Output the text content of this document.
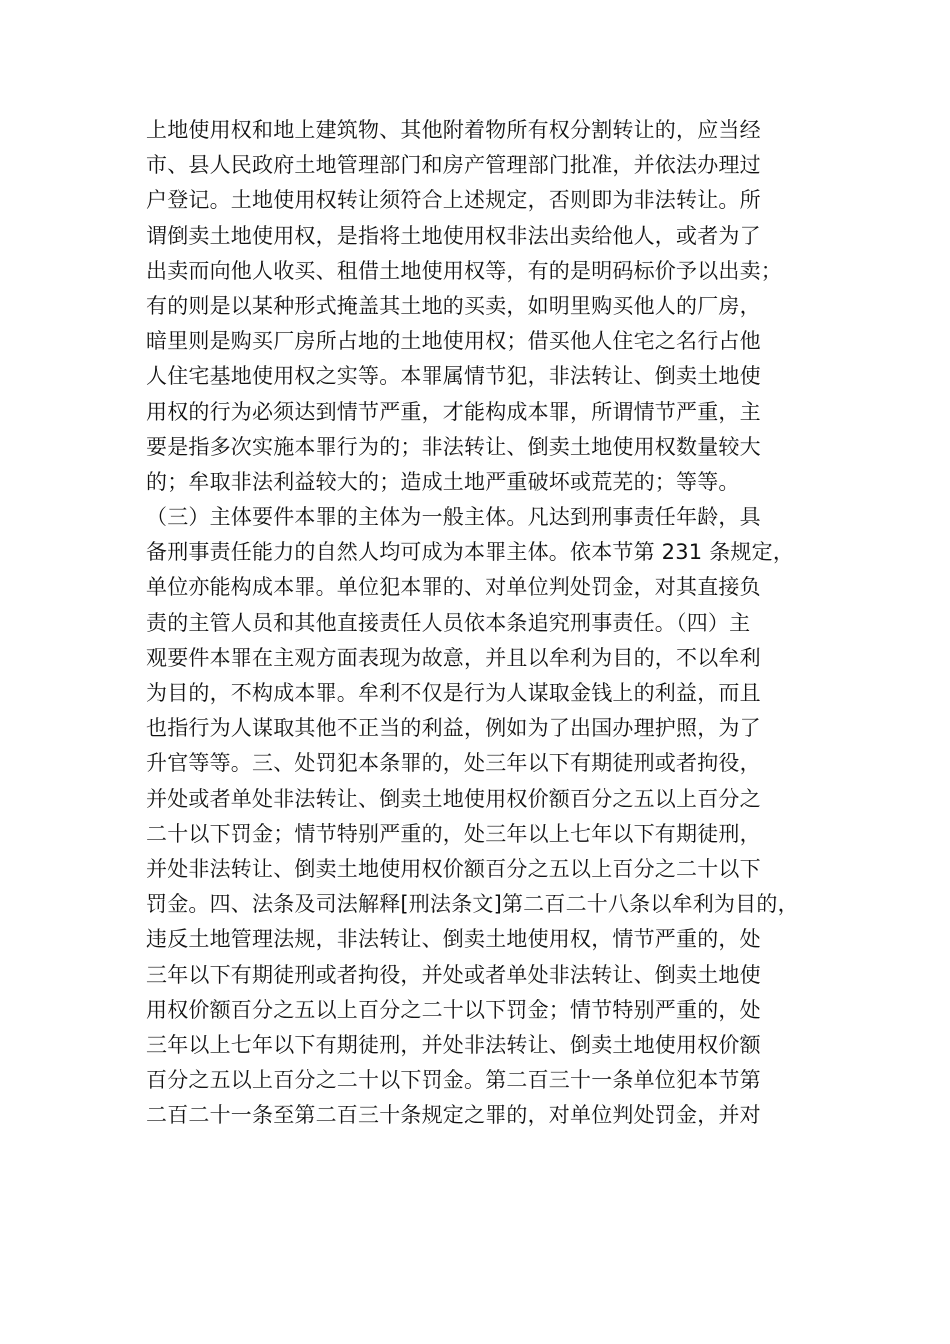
上地使用权和地上建筑物、其他附着物所有权分割转让的，应当经
市、县人民政府土地管理部门和房产管理部门批准，并依法办理过
户登记。土地使用权转让须符合上述规定，否则即为非法转让。所
谓倒卖土地使用权，是指将土地使用权非法出卖给他人，或者为了
出卖而向他人收买、租借土地使用权等，有的是明码标价予以出卖；
有的则是以某种形式掩盖其土地的买卖，如明里购买他人的厂房，
暗里则是购买厂房所占地的土地使用权；借买他人住宅之名行占他
人住宅基地使用权之实等。本罪属情节犯，非法转让、倒卖土地使
用权的行为必须达到情节严重，才能构成本罪，所谓情节严重，主
要是指多次实施本罪行为的；非法转让、倒卖土地使用权数量较大
的；牟取非法利益较大的；造成土地严重破坏或荒芜的；等等。
（三）主体要件本罪的主体为一般主体。凡达到刑事责任年龄，具
备刑事责任能力的自然人均可成为本罪主体。依本节第 231 条规定，
单位亦能构成本罪。单位犯本罪的、对单位判处罚金，对其直接负
责的主管人员和其他直接责任人员依本条追究刑事责任。（四）主
观要件本罪在主观方面表现为故意，并且以牟利为目的，不以牟利
为目的，不构成本罪。牟利不仅是行为人谋取金钱上的利益，而且
也指行为人谋取其他不正当的利益，例如为了出国办理护照，为了
升官等等。三、处罚犯本条罪的，处三年以下有期徒刑或者拘役，
并处或者单处非法转让、倒卖土地使用权价额百分之五以上百分之
二十以下罚金；情节特别严重的，处三年以上七年以下有期徒刑，
并处非法转让、倒卖土地使用权价额百分之五以上百分之二十以下
罚金。四、法条及司法解释[刑法条文]第二百二十八条以牟利为目的，
违反土地管理法规，非法转让、倒卖土地使用权，情节严重的，处
三年以下有期徒刑或者拘役，并处或者单处非法转让、倒卖土地使
用权价额百分之五以上百分之二十以下罚金；情节特别严重的，处
三年以上七年以下有期徒刑，并处非法转让、倒卖土地使用权价额
百分之五以上百分之二十以下罚金。第二百三十一条单位犯本节第
二百二十一条至第二百三十条规定之罪的，对单位判处罚金，并对
